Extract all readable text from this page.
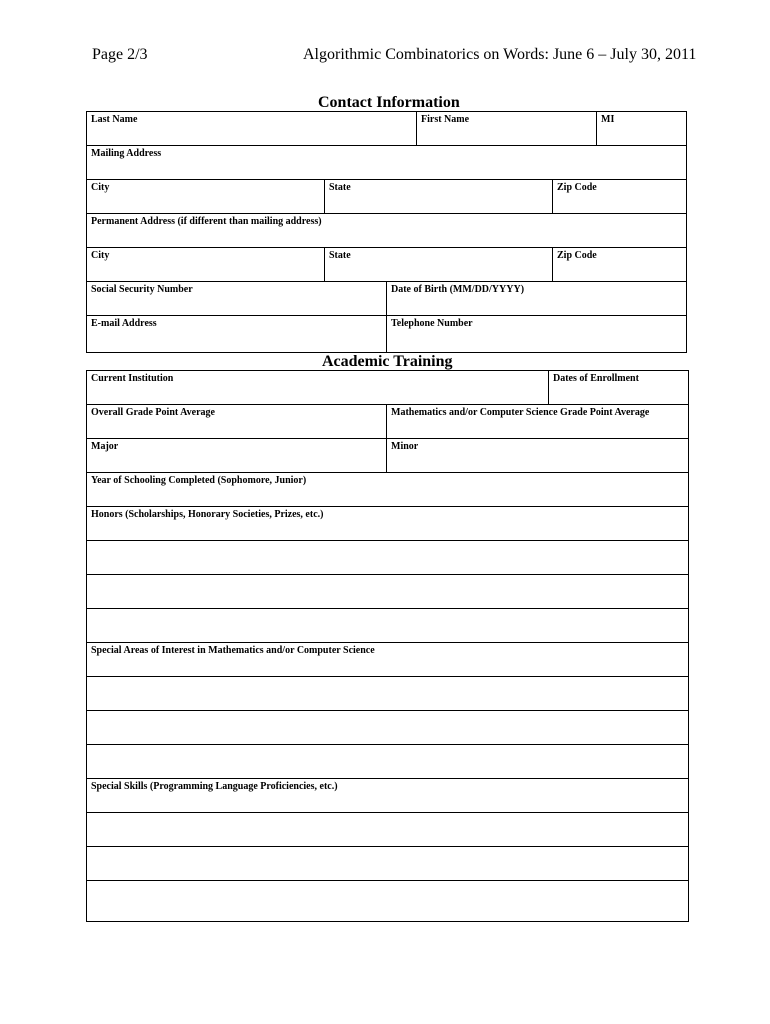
Page 2/3	Algorithmic Combinatorics on Words: June 6 – July 30, 2011
Contact Information
Last Name	First Name	MI
Mailing Address
City	State	Zip Code
Permanent Address (if different than mailing address)
City	State	Zip Code
Social Security Number	Date of Birth (MM/DD/YYYY)
E-mail Address	Telephone Number
Academic Training
Current Institution	Dates of Enrollment
Overall Grade Point Average	Mathematics and/or Computer Science Grade Point Average
Major	Minor
Year of Schooling Completed (Sophomore, Junior)
Honors (Scholarships, Honorary Societies, Prizes, etc.)
Special Areas of Interest in Mathematics and/or Computer Science
Special Skills (Programming Language Proficiencies, etc.)
